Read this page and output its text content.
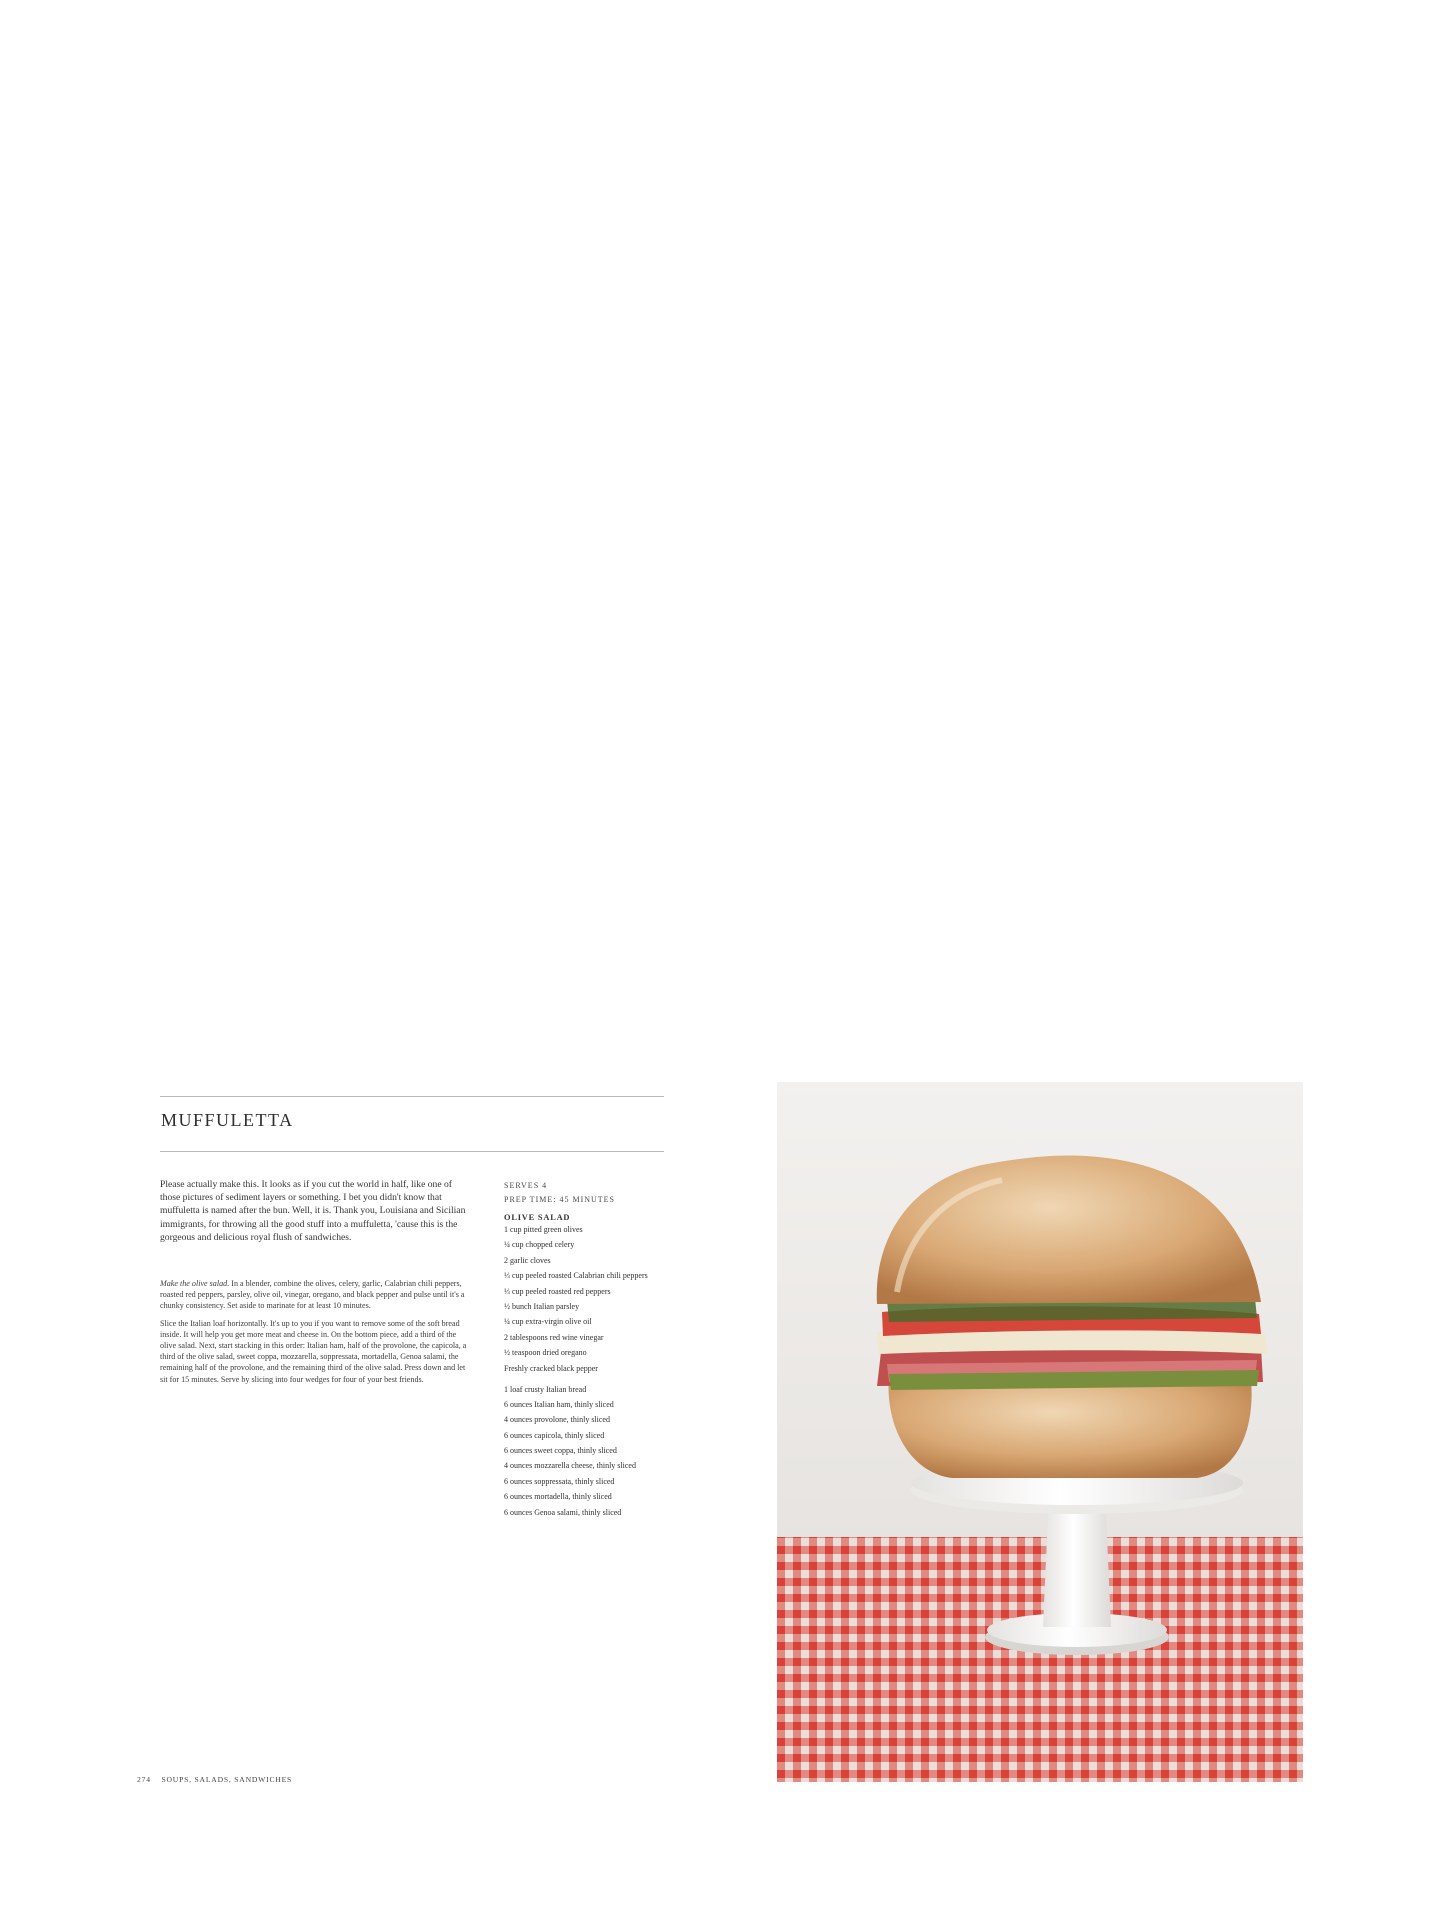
MUFFULETTA

Please actually make this. It looks as if you cut the world in half, like one of those pictures of sediment layers or something. I bet you didn't know that muffuletta is named after the bun. Well, it is. Thank you, Louisiana and Sicilian immigrants, for throwing all the good stuff into a muffuletta, 'cause this is the gorgeous and delicious royal flush of sandwiches.

Make the olive salad. In a blender, combine the olives, celery, garlic, Calabrian chili peppers, roasted red peppers, parsley, olive oil, vinegar, oregano, and black pepper and pulse until it's a chunky consistency. Set aside to marinate for at least 10 minutes.

Slice the Italian loaf horizontally. It's up to you if you want to remove some of the soft bread inside. It will help you get more meat and cheese in. On the bottom piece, add a third of the olive salad. Next, start stacking in this order: Italian ham, half of the provolone, the capicola, a third of the olive salad, sweet coppa, mozzarella, soppressata, mortadella, Genoa salami, the remaining half of the provolone, and the remaining third of the olive salad. Press down and let sit for 15 minutes. Serve by slicing into four wedges for four of your best friends.

SERVES 4
PREP TIME: 45 MINUTES
OLIVE SALAD
1 cup pitted green olives
¼ cup chopped celery
2 garlic cloves
⅓ cup peeled roasted Calabrian chili peppers
⅓ cup peeled roasted red peppers
½ bunch Italian parsley
¼ cup extra-virgin olive oil
2 tablespoons red wine vinegar
½ teaspoon dried oregano
Freshly cracked black pepper
1 loaf crusty Italian bread
6 ounces Italian ham, thinly sliced
4 ounces provolone, thinly sliced
6 ounces capicola, thinly sliced
6 ounces sweet coppa, thinly sliced
4 ounces mozzarella cheese, thinly sliced
6 ounces soppressata, thinly sliced
6 ounces mortadella, thinly sliced
6 ounces Genoa salami, thinly sliced
274 SOUPS, SALADS, SANDWICHES
